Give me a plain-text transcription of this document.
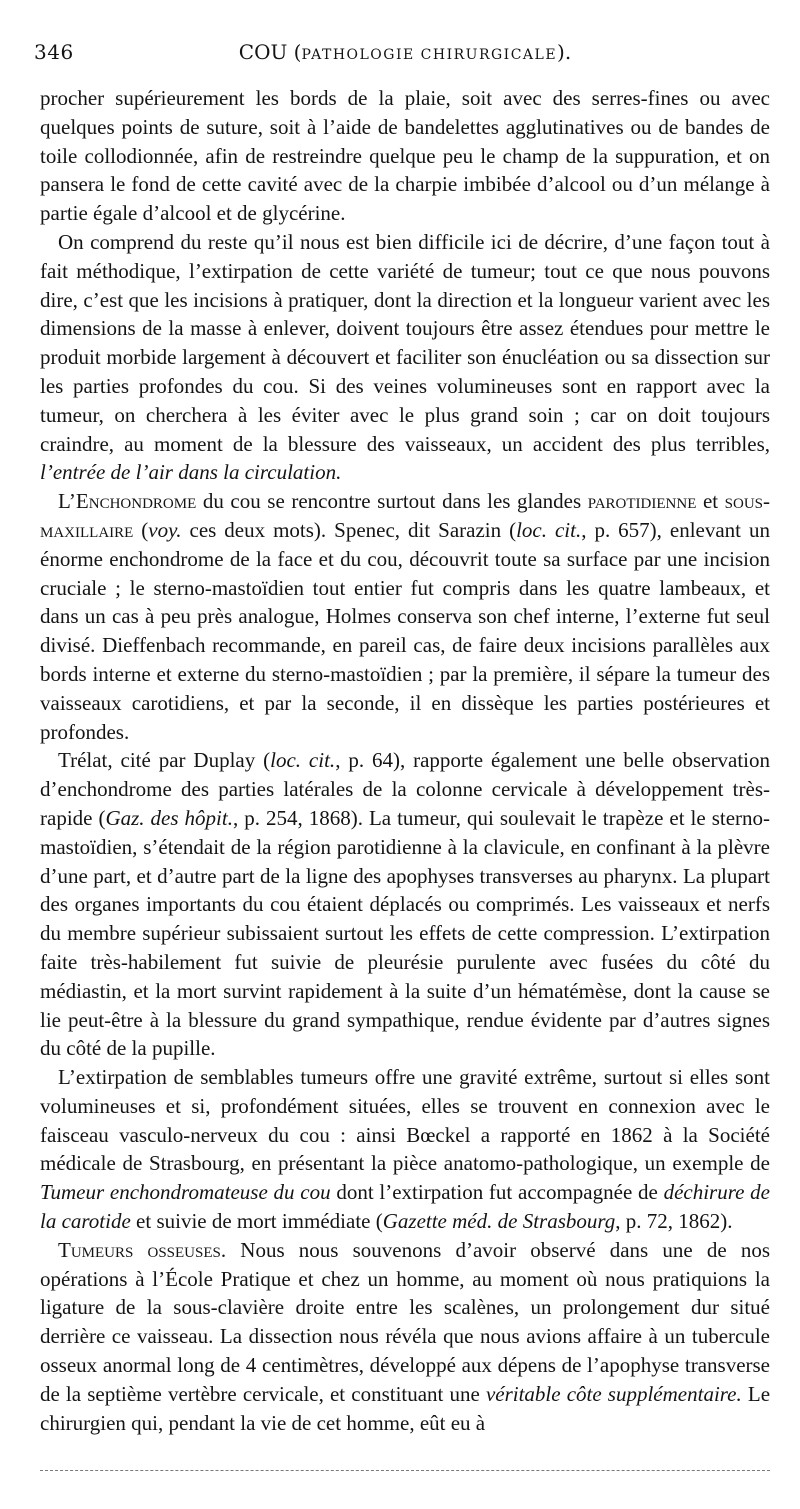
346	COU (PATHOLOGIE CHIRURGICALE).

procher supérieurement les bords de la plaie, soit avec des serres-fines ou avec quelques points de suture, soit à l’aide de bandelettes agglutinatives ou de bandes de toile collodionnée, afin de restreindre quelque peu le champ de la suppuration, et on pansera le fond de cette cavité avec de la charpie imbibée d’alcool ou d’un mélange à partie égale d’alcool et de glycérine.

On comprend du reste qu’il nous est bien difficile ici de décrire, d’une façon tout à fait méthodique, l’extirpation de cette variété de tumeur; tout ce que nous pouvons dire, c’est que les incisions à pratiquer, dont la direction et la longueur varient avec les dimensions de la masse à enlever, doivent toujours être assez étendues pour mettre le produit morbide largement à découvert et faciliter son énucléation ou sa dissection sur les parties profondes du cou. Si des veines volumineuses sont en rapport avec la tumeur, on cherchera à les éviter avec le plus grand soin ; car on doit toujours craindre, au moment de la blessure des vaisseaux, un accident des plus terribles, l’entrée de l’air dans la circulation.

L’Enchondrome du cou se rencontre surtout dans les glandes parotidienne et sous-maxillaire (voy. ces deux mots). Spenec, dit Sarazin (loc. cit., p. 657), enlevant un énorme enchondrome de la face et du cou, découvrit toute sa surface par une incision cruciale ; le sterno-mastoïdien tout entier fut compris dans les quatre lambeaux, et dans un cas à peu près analogue, Holmes conserva son chef interne, l’externe fut seul divisé. Dieffenbach recommande, en pareil cas, de faire deux incisions parallèles aux bords interne et externe du sterno-mastoïdien ; par la première, il sépare la tumeur des vaisseaux carotidiens, et par la seconde, il en dissèque les parties postérieures et profondes.

Trélat, cité par Duplay (loc. cit., p. 64), rapporte également une belle observation d’enchondrome des parties latérales de la colonne cervicale à développement très-rapide (Gaz. des hôpit., p. 254, 1868). La tumeur, qui soulevait le trapèze et le sterno-mastoïdien, s’étendait de la région parotidienne à la clavicule, en confinant à la plèvre d’une part, et d’autre part de la ligne des apophyses transverses au pharynx. La plupart des organes importants du cou étaient déplacés ou comprimés. Les vaisseaux et nerfs du membre supérieur subissaient surtout les effets de cette compression. L’extirpation faite très-habilement fut suivie de pleurésie purulente avec fusées du côté du médiastin, et la mort survint rapidement à la suite d’un hématémèse, dont la cause se lie peut-être à la blessure du grand sympathique, rendue évidente par d’autres signes du côté de la pupille.

L’extirpation de semblables tumeurs offre une gravité extrême, surtout si elles sont volumineuses et si, profondément situées, elles se trouvent en connexion avec le faisceau vasculo-nerveux du cou : ainsi Bœckel a rapporté en 1862 à la Société médicale de Strasbourg, en présentant la pièce anatomo-pathologique, un exemple de Tumeur enchondromateuse du cou dont l’extirpation fut accompagnée de déchirure de la carotide et suivie de mort immédiate (Gazette méd. de Strasbourg, p. 72, 1862).

Tumeurs osseuses. Nous nous souvenons d’avoir observé dans une de nos opérations à l’École Pratique et chez un homme, au moment où nous pratiquions la ligature de la sous-clavière droite entre les scalènes, un prolongement dur situé derrière ce vaisseau. La dissection nous révéla que nous avions affaire à un tubercule osseux anormal long de 4 centimètres, développé aux dépens de l’apophyse transverse de la septième vertèbre cervicale, et constituant une véritable côte supplémentaire. Le chirurgien qui, pendant la vie de cet homme, eût eu à
